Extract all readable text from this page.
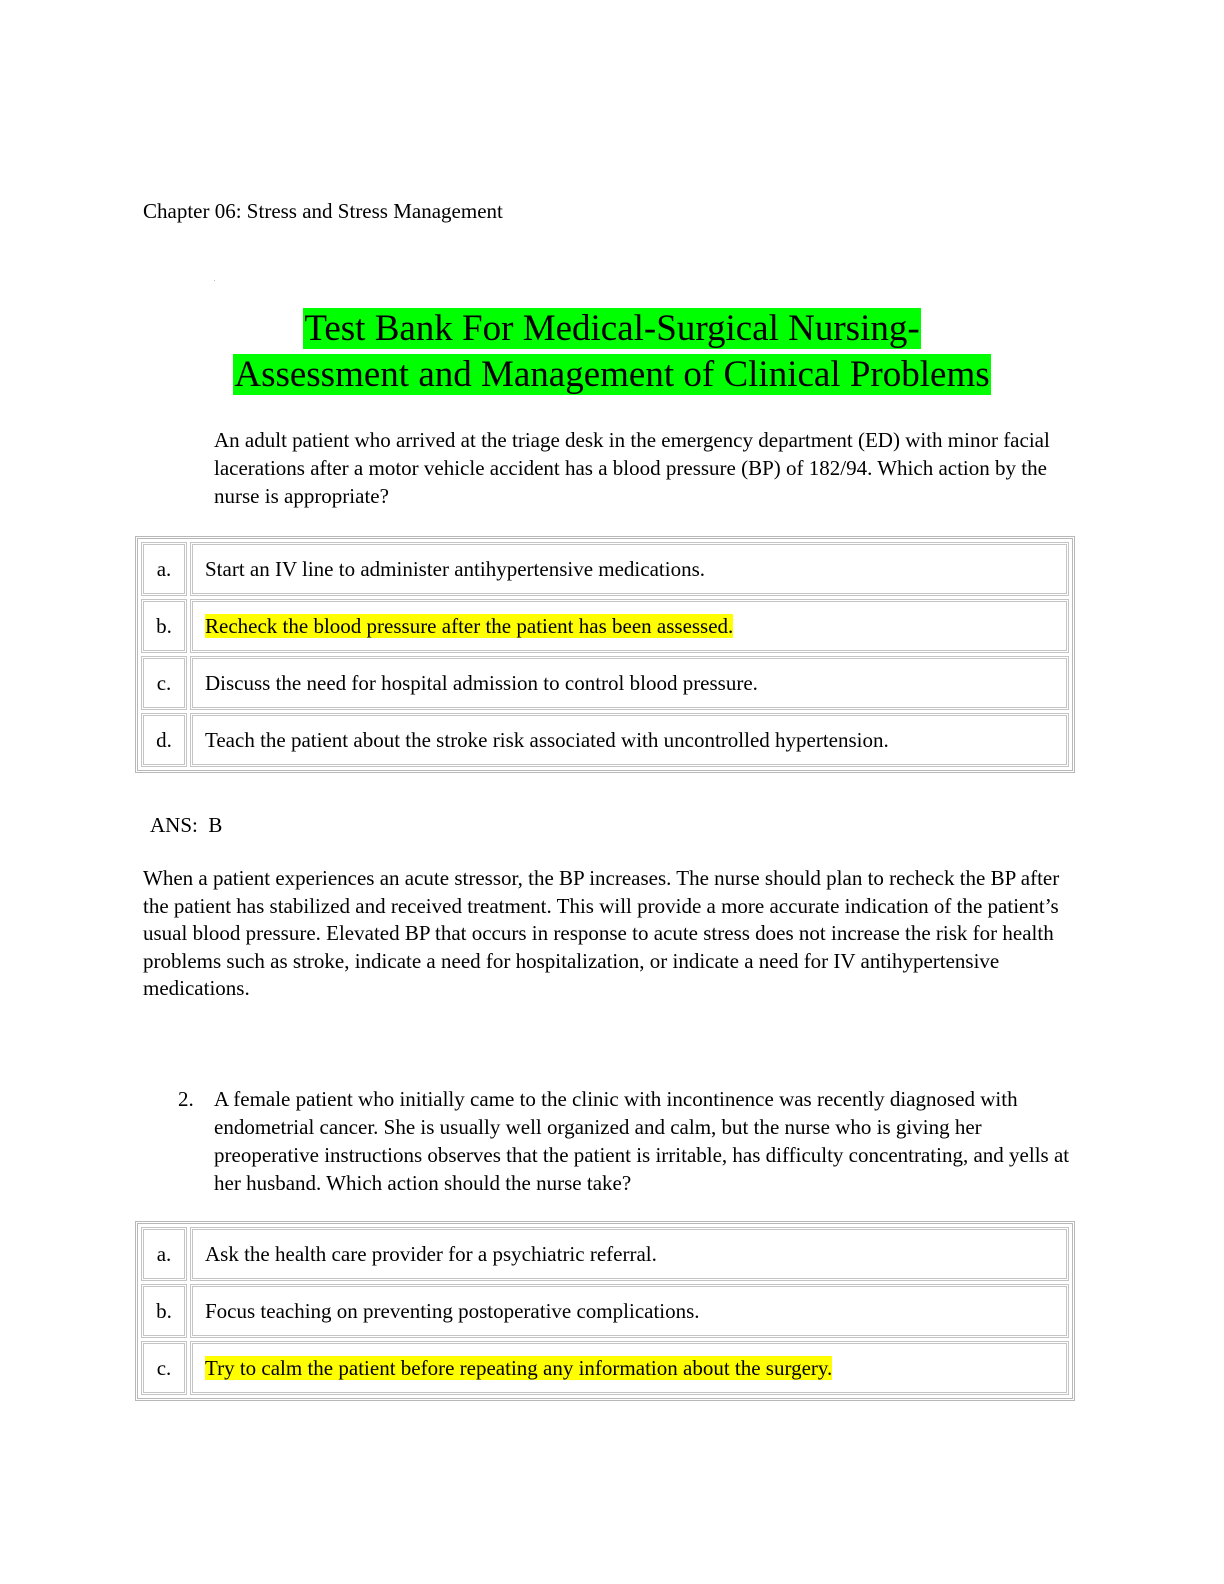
Chapter 06: Stress and Stress Management
Test Bank For Medical-Surgical Nursing-
Assessment and Management of Clinical Problems
An adult patient who arrived at the triage desk in the emergency department (ED) with minor facial lacerations after a motor vehicle accident has a blood pressure (BP) of 182/94. Which action by the nurse is appropriate?
a.	Start an IV line to administer antihypertensive medications.
b.	Recheck the blood pressure after the patient has been assessed.
c.	Discuss the need for hospital admission to control blood pressure.
d.	Teach the patient about the stroke risk associated with uncontrolled hypertension.
ANS:  B
When a patient experiences an acute stressor, the BP increases. The nurse should plan to recheck the BP after the patient has stabilized and received treatment. This will provide a more accurate indication of the patient’s usual blood pressure. Elevated BP that occurs in response to acute stress does not increase the risk for health problems such as stroke, indicate a need for hospitalization, or indicate a need for IV antihypertensive medications.
2. A female patient who initially came to the clinic with incontinence was recently diagnosed with endometrial cancer. She is usually well organized and calm, but the nurse who is giving her preoperative instructions observes that the patient is irritable, has difficulty concentrating, and yells at her husband. Which action should the nurse take?
a.	Ask the health care provider for a psychiatric referral.
b.	Focus teaching on preventing postoperative complications.
c.	Try to calm the patient before repeating any information about the surgery.
